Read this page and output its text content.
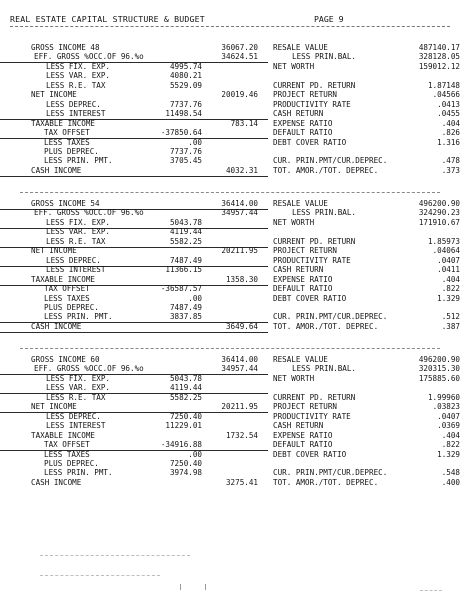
REAL ESTATE CAPITAL STRUCTURE & BUDGET	PAGE 9
GROSS INCOME 48	36067.20 RESALE VALUE	487140.17
EFF. GROSS %OCC.OF 96.%o	34624.51	LESS PRIN.BAL.	328128.05
LESS FIX. EXP.	4995.74	NET WORTH	159012.12
LESS VAR. EXP.	4080.21
LESS R.E. TAX	5529.09	CURRENT PD. RETURN	1.87148
NET INCOME	20019.46 PROJECT RETURN	.04566
LESS DEPREC.	7737.76	PRODUCTIVITY RATE	.0413
LESS INTEREST	11498.54	CASH RETURN	.0455
TAXABLE INCOME	783.14 EXPENSE RATIO	.404
TAX OFFSET	-37850.64	DEFAULT RATIO	.826
LESS TAXES	.00	DEBT COVER RATIO	1.316
PLUS DEPREC.	7737.76
LESS PRIN. PMT.	3705.45	CUR. PRIN.PMT/CUR.DEPREC.	.478
CASH INCOME	4032.31 TOT. AMOR./TOT. DEPREC.	.373
GROSS INCOME 54	36414.00 RESALE VALUE	496200.90
EFF. GROSS %OCC.OF 96.%o	34957.44	LESS PRIN.BAL.	324290.23
LESS FIX. EXP.	5043.78	NET WORTH	171910.67
LESS VAR. EXP.	4119.44
LESS R.E. TAX	5582.25	CURRENT PD. RETURN	1.85973
NET INCOME	20211.95 PROJECT RETURN	.04064
LESS DEPREC.	7487.49	PRODUCTIVITY RATE	.0407
LESS INTEREST	11366.15	CASH RETURN	.0411
TAXABLE INCOME	1358.30 EXPENSE RATIO	.404
TAX OFFSET	-36587.57	DEFAULT RATIO	.822
LESS TAXES	.00	DEBT COVER RATIO	1.329
PLUS DEPREC.	7487.49
LESS PRIN. PMT.	3837.85	CUR. PRIN.PMT/CUR.DEPREC.	.512
CASH INCOME	3649.64 TOT. AMOR./TOT. DEPREC.	.387
GROSS INCOME 60	36414.00 RESALE VALUE	496200.90
EFF. GROSS %OCC.OF 96.%o	34957.44	LESS PRIN.BAL.	320315.30
LESS FIX. EXP.	5043.78	NET WORTH	175885.60
LESS VAR. EXP.	4119.44
LESS R.E. TAX	5582.25	CURRENT PD. RETURN	1.99960
NET INCOME	20211.95 PROJECT RETURN	.03823
LESS DEPREC.	7250.40	PRODUCTIVITY RATE	.0407
LESS INTEREST	11229.01	CASH RETURN	.0369
TAXABLE INCOME	1732.54 EXPENSE RATIO	.404
TAX OFFSET	-34916.88	DEFAULT RATIO	.822
LESS TAXES	.00	DEBT COVER RATIO	1.329
PLUS DEPREC.	7250.40
LESS PRIN. PMT.	3974.98	CUR. PRIN.PMT/CUR.DEPREC.	.548
CASH INCOME	3275.41 TOT. AMOR./TOT. DEPREC.	.400
